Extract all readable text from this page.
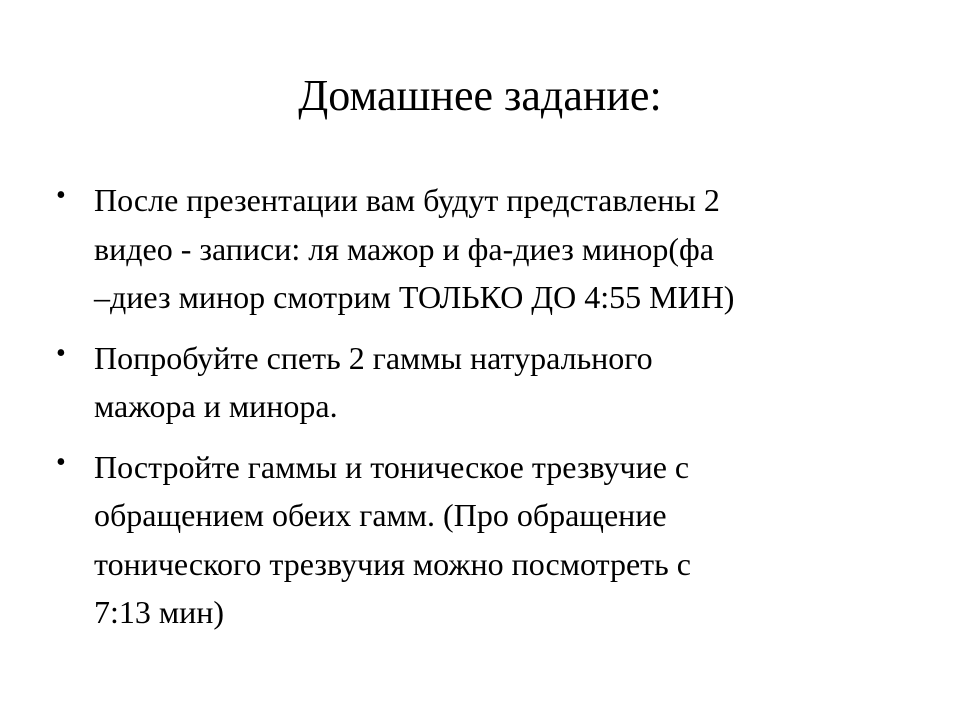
Домашнее задание:
• После презентации вам будут представлены 2
видео - записи: ля мажор и фа-диез минор(фа
–диез минор смотрим ТОЛЬКО ДО 4:55 МИН)
• Попробуйте спеть 2 гаммы натурального
мажора и минора.
• Постройте гаммы и тоническое трезвучие с
обращением обеих гамм. (Про обращение
тонического трезвучия можно посмотреть с
7:13 мин)
